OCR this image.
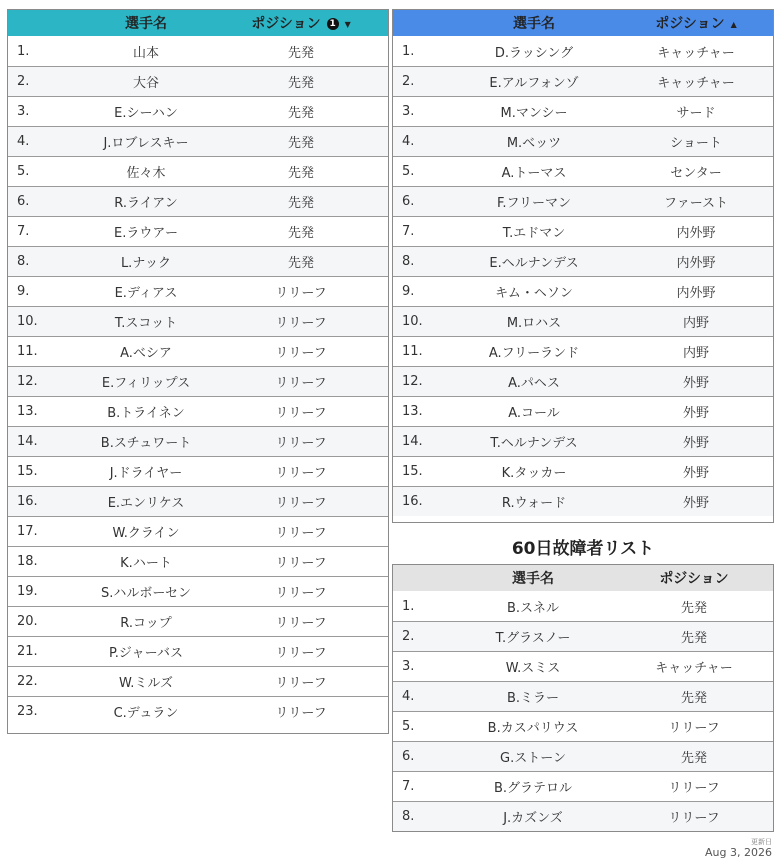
選手名	ポジション 1 ▼
1.	山本	先発
2.	大谷	先発
3.	E.シーハン	先発
4.	J.ロブレスキー	先発
5.	佐々木	先発
6.	R.ライアン	先発
7.	E.ラウアー	先発
8.	L.ナック	先発
9.	E.ディアス	リリーフ
10.	T.スコット	リリーフ
11.	A.ベシア	リリーフ
12.	E.フィリップス	リリーフ
13.	B.トライネン	リリーフ
14.	B.スチュワート	リリーフ
15.	J.ドライヤー	リリーフ
16.	E.エンリケス	リリーフ
17.	W.クライン	リリーフ
18.	K.ハート	リリーフ
19.	S.ハルボーセン	リリーフ
20.	R.コップ	リリーフ
21.	P.ジャーバス	リリーフ
22.	W.ミルズ	リリーフ
23.	C.デュラン	リリーフ
選手名	ポジション ▲
1.	D.ラッシング	キャッチャー
2.	E.アルフォンゾ	キャッチャー
3.	M.マンシー	サード
4.	M.ベッツ	ショート
5.	A.トーマス	センター
6.	F.フリーマン	ファースト
7.	T.エドマン	内外野
8.	E.ヘルナンデス	内外野
9.	キム・ヘソン	内外野
10.	M.ロハス	内野
11.	A.フリーランド	内野
12.	A.パヘス	外野
13.	A.コール	外野
14.	T.ヘルナンデス	外野
15.	K.タッカー	外野
16.	R.ウォード	外野
60日故障者リスト
選手名	ポジション
1.	B.スネル	先発
2.	T.グラスノー	先発
3.	W.スミス	キャッチャー
4.	B.ミラー	先発
5.	B.カスパリウス	リリーフ
6.	G.ストーン	先発
7.	B.グラテロル	リリーフ
8.	J.カズンズ	リリーフ
更新日
Aug 3, 2026
